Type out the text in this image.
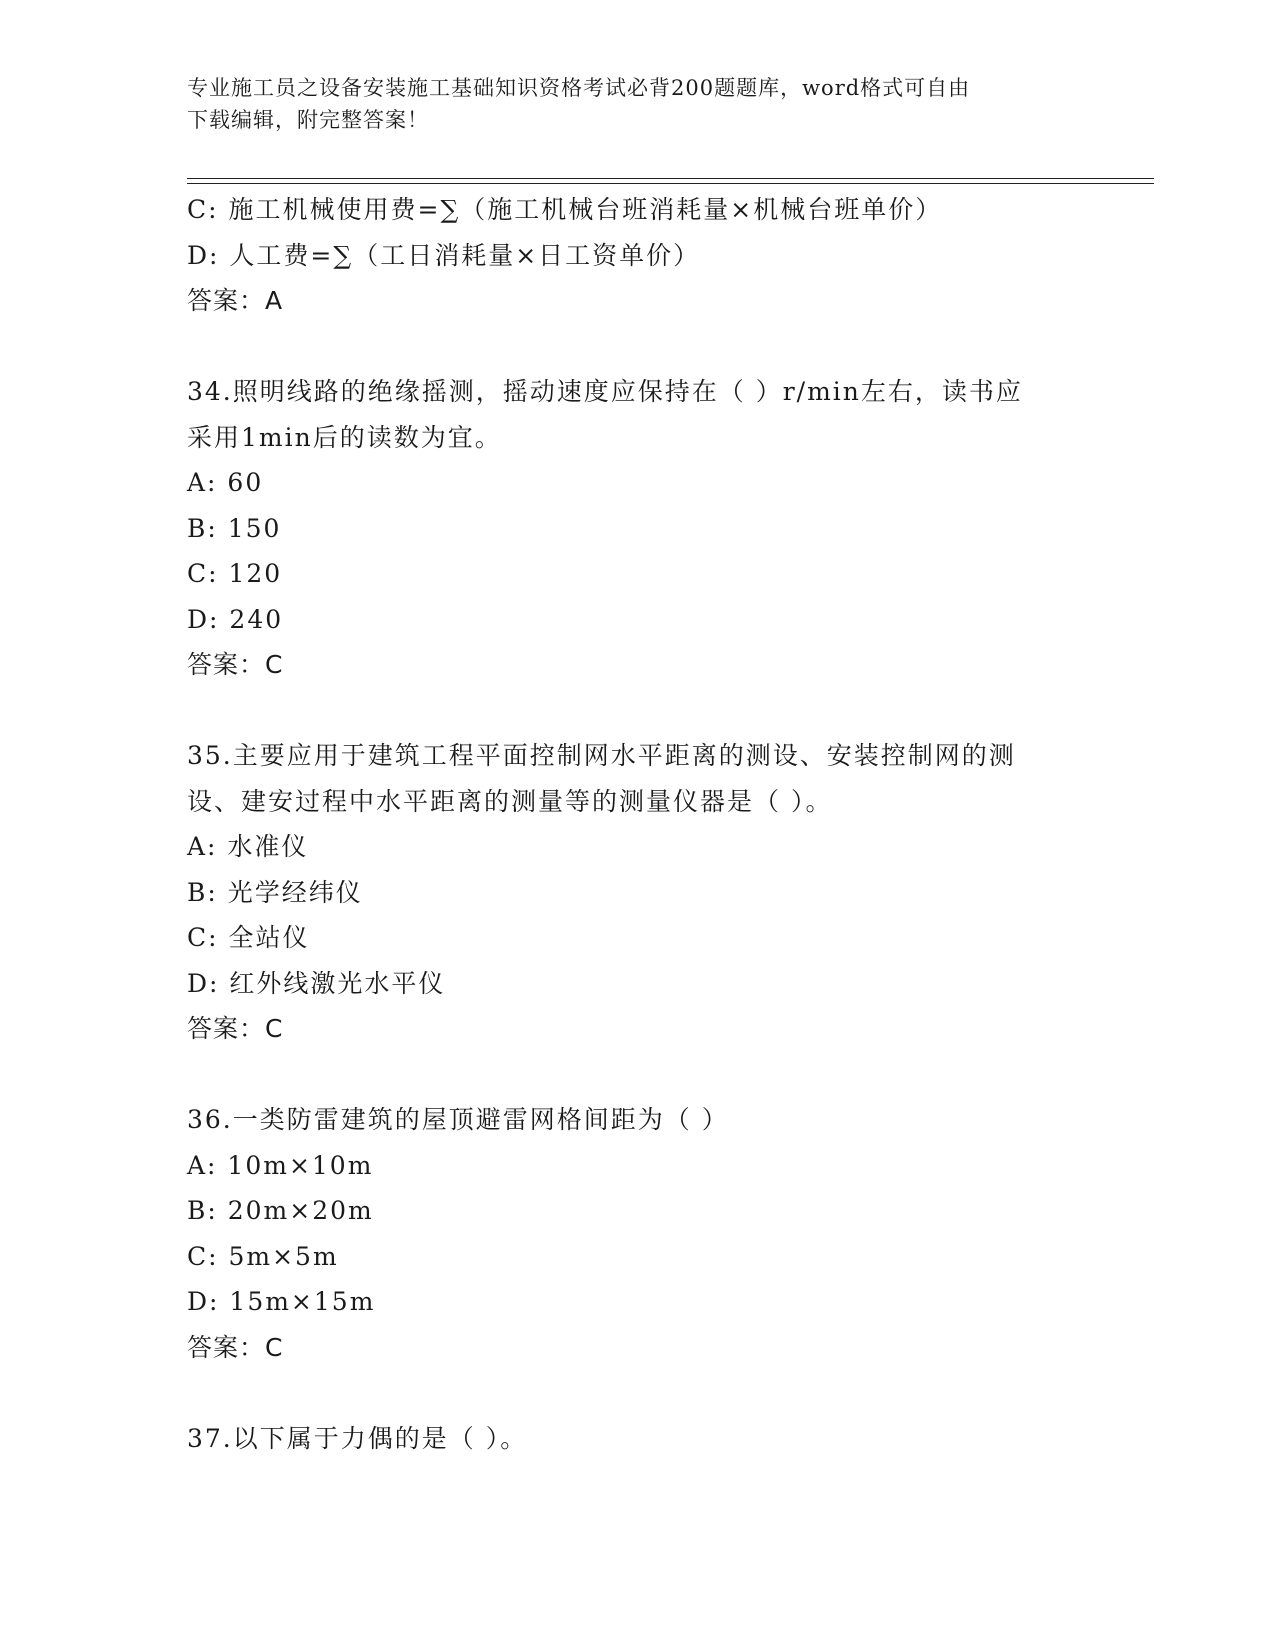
专业施工员之设备安装施工基础知识资格考试必背200题题库，word格式可自由
下载编辑，附完整答案！
C: 施工机械使用费=∑（施工机械台班消耗量×机械台班单价）
D: 人工费=∑（工日消耗量×日工资单价）
答案：A
34.照明线路的绝缘摇测，摇动速度应保持在（ ）r/min左右，读书应
采用1min后的读数为宜。
A: 60
B: 150
C: 120
D: 240
答案：C
35.主要应用于建筑工程平面控制网水平距离的测设、安装控制网的测
设、建安过程中水平距离的测量等的测量仪器是（ ）。
A: 水准仪
B: 光学经纬仪
C: 全站仪
D: 红外线激光水平仪
答案：C
36.一类防雷建筑的屋顶避雷网格间距为（ ）
A: 10m×10m
B: 20m×20m
C: 5m×5m
D: 15m×15m
答案：C
37.以下属于力偶的是（ ）。
